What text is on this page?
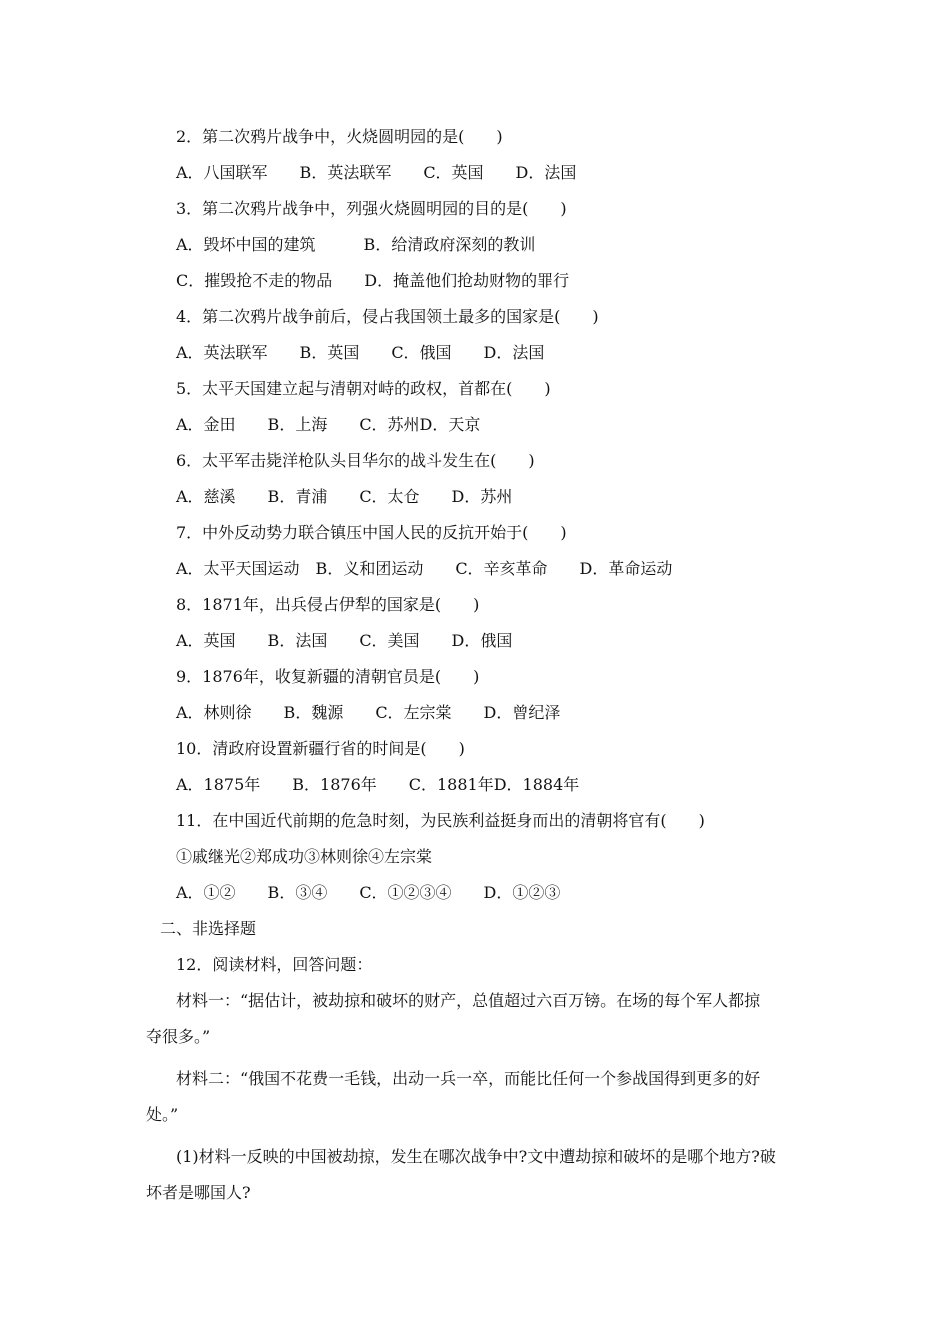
2．第二次鸦片战争中，火烧圆明园的是(　　)
A．八国联军　　B．英法联军　　C．英国　　D．法国
3．第二次鸦片战争中，列强火烧圆明园的目的是(　　)
A．毁坏中国的建筑　　　B．给清政府深刻的教训
C．摧毁抢不走的物品　　D．掩盖他们抢劫财物的罪行
4．第二次鸦片战争前后，侵占我国领土最多的国家是(　　)
A．英法联军　　B．英国　　C．俄国　　D．法国
5．太平天国建立起与清朝对峙的政权，首都在(　　)
A．金田　　B．上海　　C．苏州D．天京
6．太平军击毙洋枪队头目华尔的战斗发生在(　　)
A．慈溪　　B．青浦　　C．太仓　　D．苏州
7．中外反动势力联合镇压中国人民的反抗开始于(　　)
A．太平天国运动　B．义和团运动　　C．辛亥革命　　D．革命运动
8．1871年，出兵侵占伊犁的国家是(　　)
A．英国　　B．法国　　C．美国　　D．俄国
9．1876年，收复新疆的清朝官员是(　　)
A．林则徐　　B．魏源　　C．左宗棠　　D．曾纪泽
10．清政府设置新疆行省的时间是(　　)
A．1875年　　B．1876年　　C．1881年D．1884年
11．在中国近代前期的危急时刻，为民族利益挺身而出的清朝将官有(　　)
①戚继光②郑成功③林则徐④左宗棠
A．①②　　B．③④　　C．①②③④　　D．①②③
二、非选择题
12．阅读材料，回答问题：
材料一：“据估计，被劫掠和破坏的财产，总值超过六百万镑。在场的每个军人都掠
夺很多。”
材料二：“俄国不花费一毛钱，出动一兵一卒，而能比任何一个参战国得到更多的好
处。”
(1)材料一反映的中国被劫掠，发生在哪次战争中?文中遭劫掠和破坏的是哪个地方?破
坏者是哪国人?
